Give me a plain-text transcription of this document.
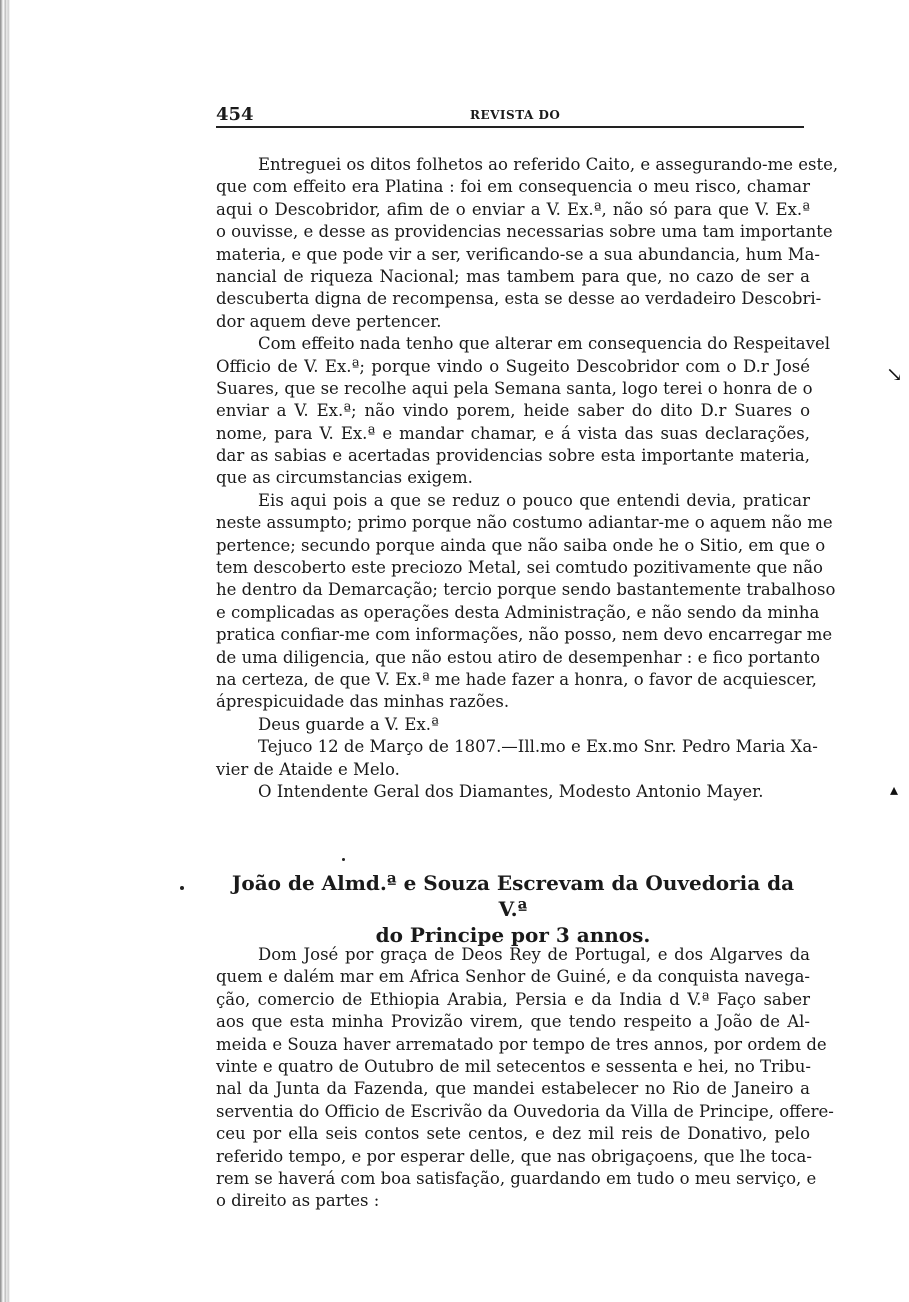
454	REVISTA DO
Entreguei os ditos folhetos ao referido Caito, e assegurando-me este,
que com effeito era Platina : foi em consequencia o meu risco, chamar
aqui o Descobridor, afim de o enviar a V. Ex.ª, não só para que V. Ex.ª
o ouvisse, e desse as providencias necessarias sobre uma tam importante
materia, e que pode vir a ser, verificando-se a sua abundancia, hum Ma-
nancial de riqueza Nacional; mas tambem para que, no cazo de ser a
descuberta digna de recompensa, esta se desse ao verdadeiro Descobri-
dor aquem deve pertencer.
Com effeito nada tenho que alterar em consequencia do Respeitavel
Officio de V. Ex.ª; porque vindo o Sugeito Descobridor com o D.r José
Suares, que se recolhe aqui pela Semana santa, logo terei o honra de o
enviar a V. Ex.ª; não vindo porem, heide saber do dito D.r Suares o
nome, para V. Ex.ª e mandar chamar, e á vista das suas declarações,
dar as sabias e acertadas providencias sobre esta importante materia,
que as circumstancias exigem.
Eis aqui pois a que se reduz o pouco que entendi devia, praticar
neste assumpto; primo porque não costumo adiantar-me o aquem não me
pertence; secundo porque ainda que não saiba onde he o Sitio, em que o
tem descoberto este preciozo Metal, sei comtudo pozitivamente que não
he dentro da Demarcação; tercio porque sendo bastantemente trabalhoso
e complicadas as operações desta Administração, e não sendo da minha
pratica confiar-me com informações, não posso, nem devo encarregar me
de uma diligencia, que não estou atiro de desempenhar : e fico portanto
na certeza, de que V. Ex.ª me hade fazer a honra, o favor de acquiescer,
áprespicuidade das minhas razões.
Deus guarde a V. Ex.ª
Tejuco 12 de Março de 1807.—Ill.mo e Ex.mo Snr. Pedro Maria Xa-
vier de Ataide e Melo.
O Intendente Geral dos Diamantes, Modesto Antonio Mayer.
João de Almd.ª e Souza Escrevam da Ouvedoria da V.ª
do Principe por 3 annos.
Dom José por graça de Deos Rey de Portugal, e dos Algarves da
quem e dalém mar em Africa Senhor de Guiné, e da conquista navega-
ção, comercio de Ethiopia Arabia, Persia e da India d V.ª Faço saber
aos que esta minha Provizão virem, que tendo respeito a João de Al-
meida e Souza haver arrematado por tempo de tres annos, por ordem de
vinte e quatro de Outubro de mil setecentos e sessenta e hei, no Tribu-
nal da Junta da Fazenda, que mandei estabelecer no Rio de Janeiro a
serventia do Officio de Escrivão da Ouvedoria da Villa de Principe, offere-
ceu por ella seis contos sete centos, e dez mil reis de Donativo, pelo
referido tempo, e por esperar delle, que nas obrigaçoens, que lhe toca-
rem se haverá com boa satisfação, guardando em tudo o meu serviço, e
o direito as partes :
↘
▴
